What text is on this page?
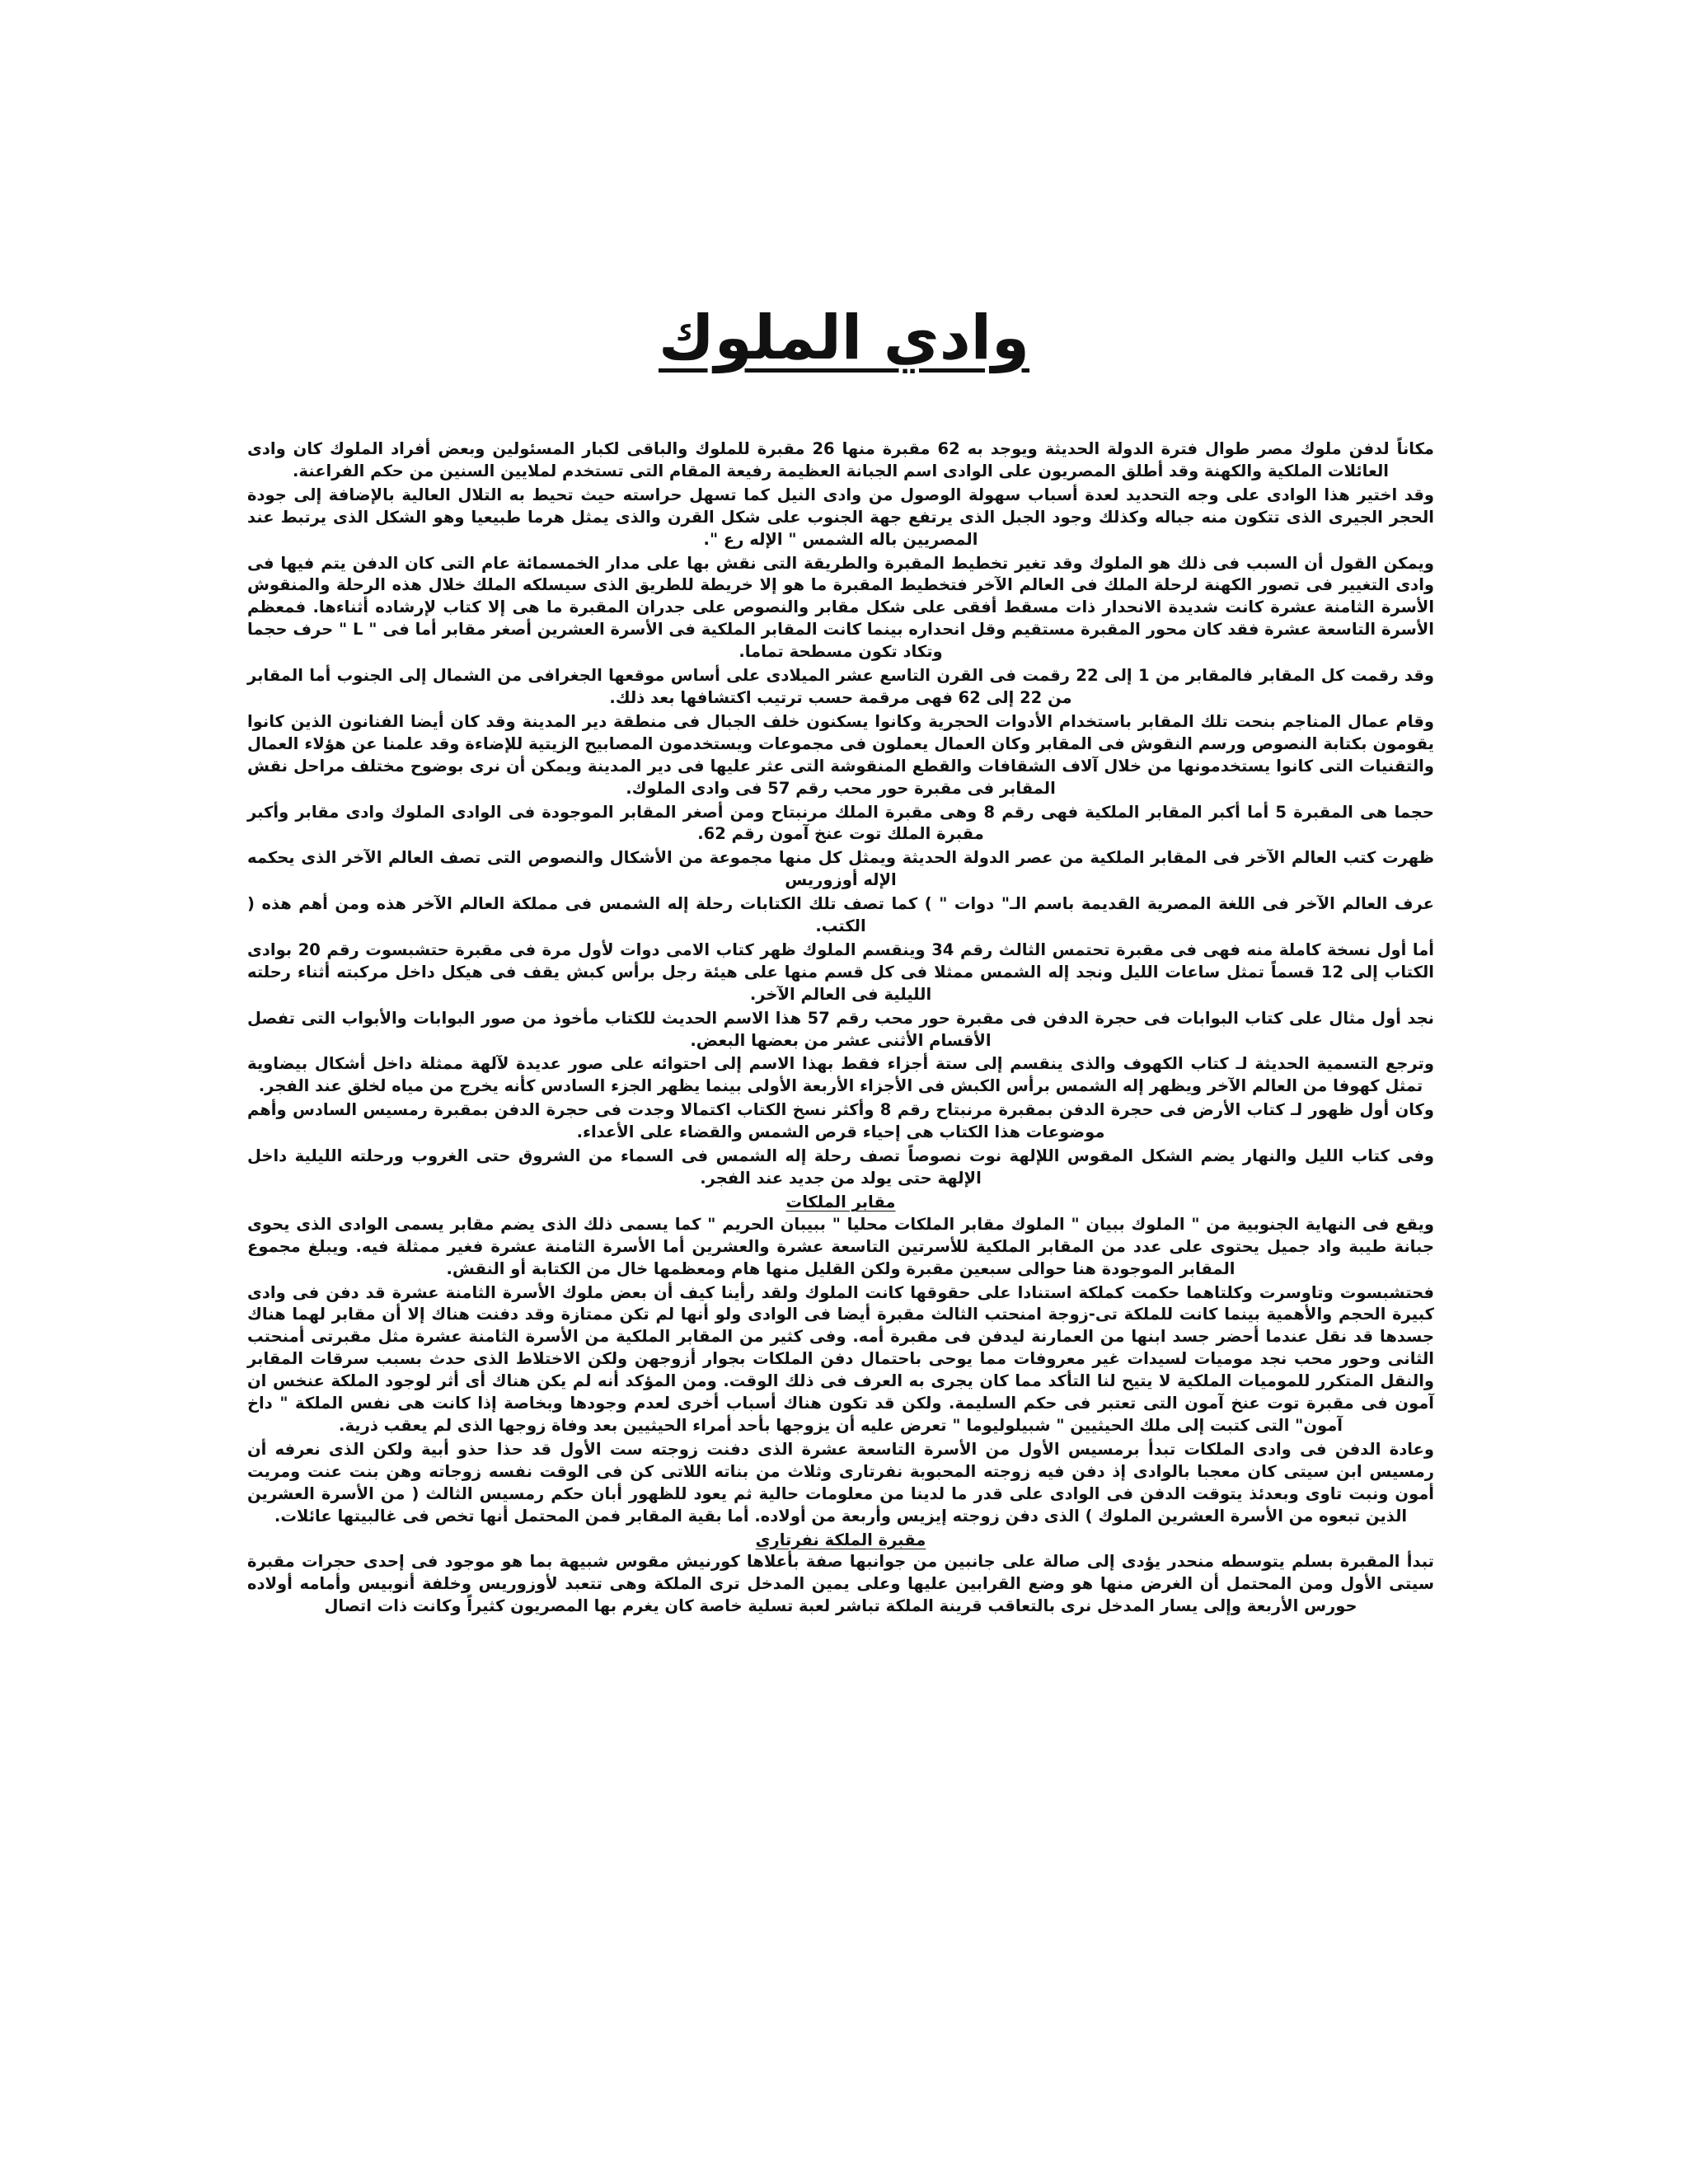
وادي الملوك

مكاناً لدفن ملوك مصر طوال فترة الدولة الحديثة ويوجد به 62 مقبرة منها 26 مقبرة للملوك والباقى لكبار المسئولين وبعض أفراد الملوك كان وادى العائلات الملكية والكهنة وقد أطلق المصريون على الوادى اسم الجبانة العظيمة رفيعة المقام التى تستخدم لملايين السنين من حكم الفراعنة.

وقد اختير هذا الوادى على وجه التحديد لعدة أسباب سهولة الوصول من وادى النيل كما تسهل حراسته حيث تحيط به التلال العالية بالإضافة إلى جودة الحجر الجيرى الذى تتكون منه جباله وكذلك وجود الجبل الذى يرتفع جهة الجنوب على شكل القرن والذى يمثل هرما طبيعيا وهو الشكل الذى يرتبط عند المصريين باله الشمس " الإله رع ".

ويمكن القول أن السبب فى ذلك هو الملوك وقد تغير تخطيط المقبرة والطريقة التى نقش بها على مدار الخمسمائة عام التى كان الدفن يتم فيها فى وادى التغيير فى تصور الكهنة لرحلة الملك فى العالم الآخر فتخطيط المقبرة ما هو إلا خريطة للطريق الذى سيسلكه الملك خلال هذه الرحلة والمنقوش الأسرة الثامنة عشرة كانت شديدة الانحدار ذات مسقط أفقى على شكل مقابر والنصوص على جدران المقبرة ما هى إلا كتاب لإرشاده أثناءها. فمعظم الأسرة التاسعة عشرة فقد كان محور المقبرة مستقيم وقل انحداره بينما كانت المقابر الملكية فى الأسرة العشرين أصغر مقابر أما فى " L " حرف حجما وتكاد تكون مسطحة تماما.

وقد رقمت كل المقابر فالمقابر من 1 إلى 22 رقمت فى القرن التاسع عشر الميلادى على أساس موقعها الجغرافى من الشمال إلى الجنوب أما المقابر من 22 إلى 62 فهى مرقمة حسب ترتيب اكتشافها بعد ذلك.

وقام عمال المناجم بنحت تلك المقابر باستخدام الأدوات الحجرية وكانوا يسكنون خلف الجبال فى منطقة دير المدينة وقد كان أيضا الفنانون الذين كانوا يقومون بكتابة النصوص ورسم النقوش فى المقابر وكان العمال يعملون فى مجموعات ويستخدمون المصابيح الزيتية للإضاءة وقد علمنا عن هؤلاء العمال والتقنيات التى كانوا يستخدمونها من خلال آلاف الشقافات والقطع المنقوشة التى عثر عليها فى دير المدينة ويمكن أن نرى بوضوح مختلف مراحل نقش المقابر فى مقبرة حور محب رقم 57 فى وادى الملوك.

حجما هى المقبرة 5 أما أكبر المقابر الملكية فهى رقم 8 وهى مقبرة الملك مرنبتاح ومن أصغر المقابر الموجودة فى الوادى الملوك وادى مقابر وأكبر مقبرة الملك توت عنخ آمون رقم 62.

ظهرت كتب العالم الآخر فى المقابر الملكية من عصر الدولة الحديثة ويمثل كل منها مجموعة من الأشكال والنصوص التى تصف العالم الآخر الذى يحكمه الإله أوزوريس

عرف العالم الآخر فى اللغة المصرية القديمة باسم الـ" دوات " ) كما تصف تلك الكتابات رحلة إله الشمس فى مملكة العالم الآخر هذه ومن أهم هذه ( الكتب.

أما أول نسخة كاملة منه فهى فى مقبرة تحتمس الثالث رقم 34 وينقسم الملوك ظهر كتاب الامى دوات لأول مرة فى مقبرة حتشبسوت رقم 20 بوادى الكتاب إلى 12 قسماً تمثل ساعات الليل ونجد إله الشمس ممثلا فى كل قسم منها على هيئة رجل برأس كبش يقف فى هيكل داخل مركبته أثناء رحلته الليلية فى العالم الآخر.

نجد أول مثال على كتاب البوابات فى حجرة الدفن فى مقبرة حور محب رقم 57 هذا الاسم الحديث للكتاب مأخوذ من صور البوابات والأبواب التى تفصل الأقسام الأثنى عشر من بعضها البعض.

وترجع التسمية الحديثة لـ كتاب الكهوف والذى ينقسم إلى ستة أجزاء فقط بهذا الاسم إلى احتوائه على صور عديدة لآلهة ممثلة داخل أشكال بيضاوية تمثل كهوفا من العالم الآخر ويظهر إله الشمس برأس الكبش فى الأجزاء الأربعة الأولى بينما يظهر الجزء السادس كأنه يخرج من مياه لخلق عند الفجر.

وكان أول ظهور لـ كتاب الأرض فى حجرة الدفن بمقبرة مرنبتاح رقم 8 وأكثر نسخ الكتاب اكتمالا وجدت فى حجرة الدفن بمقبرة رمسيس السادس وأهم موضوعات هذا الكتاب هى إحياء قرص الشمس والقضاء على الأعداء.

وفى كتاب الليل والنهار يضم الشكل المقوس اللإلهة نوت نصوصاً تصف رحلة إله الشمس فى السماء من الشروق حتى الغروب ورحلته الليلية داخل الإلهة حتى يولد من جديد عند الفجر.

مقابر الملكات

ويقع فى النهاية الجنوبية من " الملوك ببيان " الملوك مقابر الملكات محليا " ببيبان الحريم " كما يسمى ذلك الذى يضم مقابر يسمى الوادى الذى يحوى جبانة طيبة واد جميل يحتوى على عدد من المقابر الملكية للأسرتين التاسعة عشرة والعشرين أما الأسرة الثامنة عشرة فغير ممثلة فيه. ويبلغ مجموع المقابر الموجودة هنا حوالى سبعين مقبرة ولكن القليل منها هام ومعظمها خال من الكتابة أو النقش.

فحتشبسوت وتاوسرت وكلتاهما حكمت كملكة استنادا على حقوقها كانت الملوك ولقد رأينا كيف أن بعض ملوك الأسرة الثامنة عشرة قد دفن فى وادى كبيرة الحجم والأهمية بينما كانت للملكة تى-زوجة امنحتب الثالث مقبرة أيضا فى الوادى ولو أنها لم تكن ممتازة وقد دفنت هناك إلا أن مقابر لهما هناك جسدها قد نقل عندما أحضر جسد ابنها من العمارنة ليدفن فى مقبرة أمه. وفى كثير من المقابر الملكية من الأسرة الثامنة عشرة مثل مقبرتى أمنحتب الثانى وحور محب نجد موميات لسيدات غير معروفات مما يوحى باحتمال دفن الملكات بجوار أزوجهن ولكن الاختلاط الذى حدث بسبب سرقات المقابر والنقل المتكرر للموميات الملكية لا يتيح لنا التأكد مما كان يجرى به العرف فى ذلك الوقت. ومن المؤكد أنه لم يكن هناك أى أثر لوجود الملكة عنخس ان آمون فى مقبرة توت عنخ آمون التى تعتبر فى حكم السليمة. ولكن قد تكون هناك أسباب أخرى لعدم وجودها وبخاصة إذا كانت هى نفس الملكة " داخ آمون" التى كتبت إلى ملك الحيثيين " شبيلوليوما " تعرض عليه أن يزوجها بأحد أمراء الحيثيين بعد وفاة زوجها الذى لم يعقب ذرية.

وعادة الدفن فى وادى الملكات تبدأ برمسيس الأول من الأسرة التاسعة عشرة الذى دفنت زوجته ست الأول قد حذا حذو أبية ولكن الذى نعرفه أن رمسيس ابن سيتى كان معجبا بالوادى إذ دفن فيه زوجته المحبوبة نفرتارى وثلاث من بناته اللاتى كن فى الوقت نفسه زوجاته وهن بنت عنت ومريت أمون ونبت تاوى وبعدئذ يتوقت الدفن فى الوادى على قدر ما لدينا من معلومات حالية ثم يعود للظهور أبان حكم رمسيس الثالث ( من الأسرة العشرين الذين تبعوه من الأسرة العشرين الملوك ) الذى دفن زوجته إيزيس وأربعة من أولاده. أما بقية المقابر فمن المحتمل أنها تخص فى غالبيتها عائلات.

مقبرة الملكة نفرتارى

تبدأ المقبرة بسلم يتوسطه منحدر يؤدى إلى صالة على جانبين من جوانبها صفة بأعلاها كورنيش مقوس شبيهة بما هو موجود فى إحدى حجرات مقبرة سيتى الأول ومن المحتمل أن الغرض منها هو وضع القرابين عليها وعلى يمين المدخل ترى الملكة وهى تتعبد لأوزوريس وخلفة أنوبيس وأمامه أولاده حورس الأربعة وإلى يسار المدخل نرى بالتعاقب قرينة الملكة تباشر لعبة تسلية خاصة كان يغرم بها المصريون كثيراً وكانت ذات اتصال
